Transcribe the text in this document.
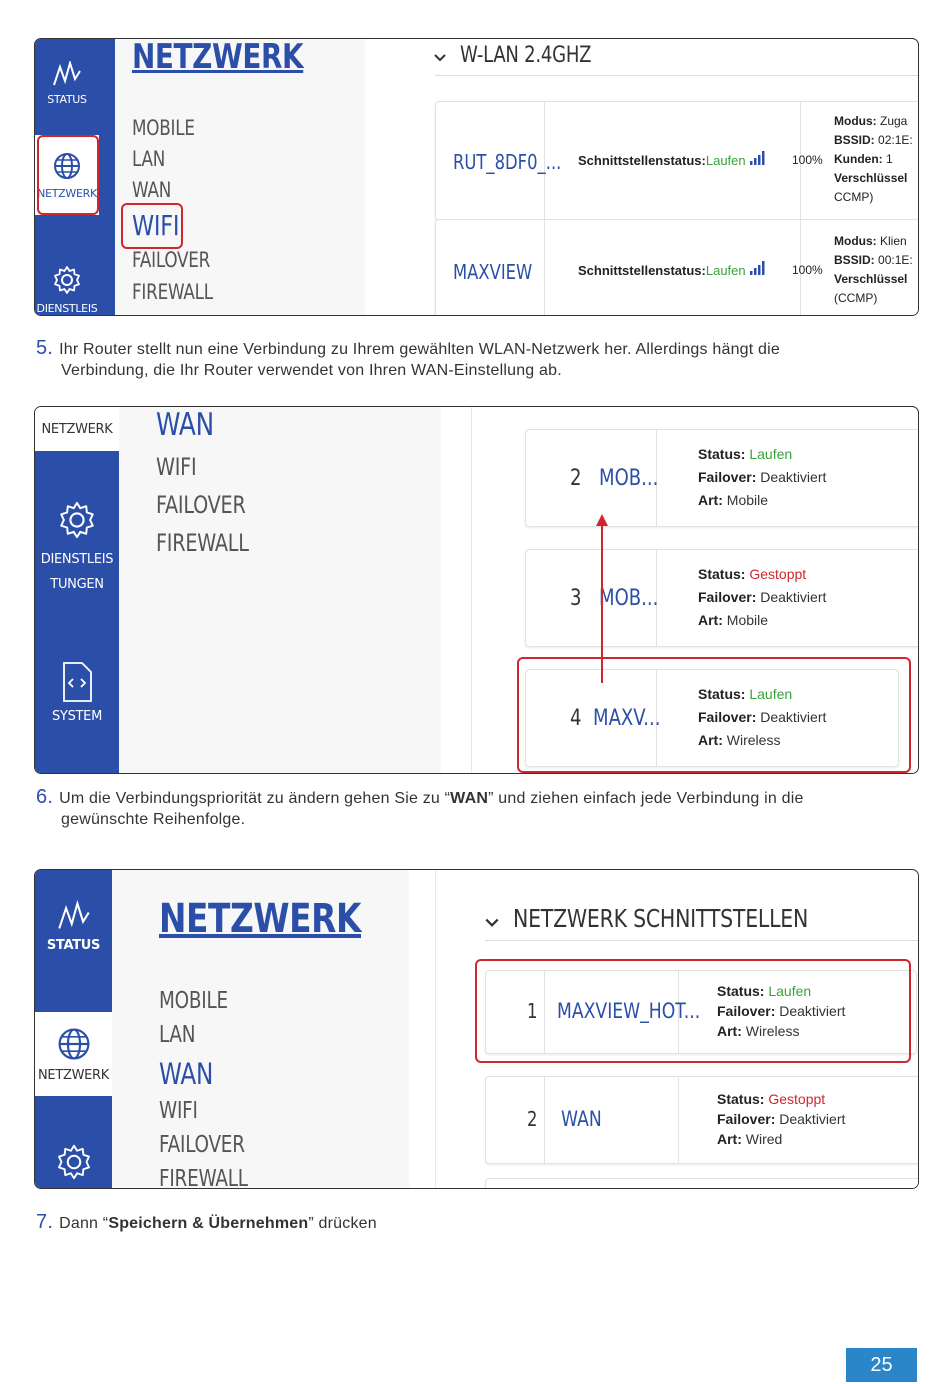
STATUS
NETZWERK
DIENSTLEIS
NETZWERK
MOBILE
LAN
WAN
WIFI
FAILOVER
FIREWALL
W-LAN 2.4GHZ
RUT_8DF0_... Schnittstellenstatus:Laufen	100%
Modus: Zuga
BSSID: 02:1E:
Kunden: 1
Verschlüssel
CCMP)
MAXVIEW	Schnittstellenstatus:Laufen	100%
Modus: Klien
BSSID: 00:1E:
Verschlüssel
(CCMP)
5. Ihr Router stellt nun eine Verbindung zu Ihrem gewählten WLAN-Netzwerk her. Allerdings hängt die
Verbindung, die Ihr Router verwendet von Ihren WAN-Einstellung ab.
NETZWERK
DIENSTLEIS
TUNGEN
SYSTEM
WAN
WIFI
FAILOVER
FIREWALL
2 MOB...
Status: Laufen
Failover: Deaktiviert
Art: Mobile
3 MOB...
Status: Gestoppt
Failover: Deaktiviert
Art: Mobile
4 MAXV...
Status: Laufen
Failover: Deaktiviert
Art: Wireless
6. Um die Verbindungspriorität zu ändern gehen Sie zu “WAN” und ziehen einfach jede Verbindung in die
gewünschte Reihenfolge.
STATUS
NETZWERK
NETZWERK
MOBILE
LAN
WAN
WIFI
FAILOVER
FIREWALL
NETZWERK SCHNITTSTELLEN
1 MAXVIEW_HOT...
Status: Laufen
Failover: Deaktiviert
Art: Wireless
2 WAN
Status: Gestoppt
Failover: Deaktiviert
Art: Wired
7. Dann “Speichern & Übernehmen” drücken
25
